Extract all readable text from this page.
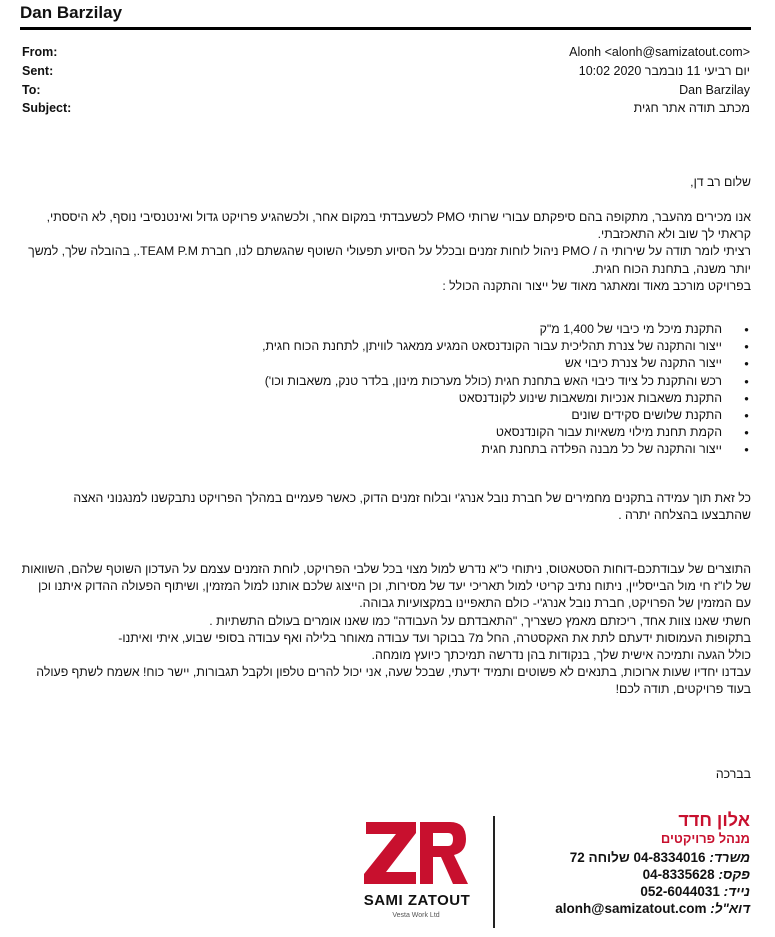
Dan Barzilay
From:	Alonh <alonh@samizatout.com>
Sent:	יום רביעי 11 נובמבר 2020 10:02
To:	Dan Barzilay
Subject:	מכתב תודה אתר חגית
שלום רב דן,

אנו מכירים מהעבר, מתקופה בהם סיפקתם עבורי שרותי PMO לכשעבדתי במקום אחר, ולכשהגיע פרויקט גדול ואינטנסיבי נוסף, לא היססתי, קראתי לך שוב ולא התאכזבתי.

רציתי לומר תודה על שירותי ה / PMO ניהול לוחות זמנים ובכלל על הסיוע תפעולי השוטף שהגשתם לנו, חברת TEAM P.M., בהובלה שלך, למשך יותר משנה, בתחנת הכוח חגית.

בפרויקט מורכב מאוד ומאתגר מאוד של ייצור והתקנה הכולל :

● התקנת מיכל מי כיבוי של 1,400 מ"ק
● ייצור והתקנה של צנרת תהליכית עבור הקונדנסאט המגיע ממאגר לוויתן, לתחנת הכוח חגית,
● ייצור התקנה של צנרת כיבוי אש
● רכש והתקנת כל ציוד כיבוי האש בתחנת חגית (כולל מערכות מינון, בלדר טנק, משאבות וכו')
● התקנת משאבות אנכיות ומשאבות שינוע לקונדנסאט
● התקנת שלושים סקידים שונים
● הקמת תחנת מילוי משאיות עבור הקונדנסאט
● ייצור והתקנה של כל מבנה הפלדה בתחנת חגית

כל זאת תוך עמידה בתקנים מחמירים של חברת נובל אנרג'י ובלוח זמנים הדוק, כאשר פעמיים במהלך הפרויקט נתבקשנו למנגנוני האצה

שהתבצעו בהצלחה יתרה .

התוצרים של עבודתכם-דוחות הסטאטוס, ניתוחי כ"א נדרש למול מצוי בכל שלבי הפרויקט, לוחת הזמנים עצמם על העדכון השוטף שלהם, השוואות של לו"ז חי מול הבייסליין, ניתוח נתיב קריטי למול תאריכי יעד של מסירות, וכן הייצוג שלכם אותנו למול המזמין, ושיתוף הפעולה ההדוק איתנו וכן עם המזמין של הפרויקט, חברת נובל אנרג'י- כולם התאפיינו במקצועיות גבוהה.

חשתי שאנו צוות אחד, ריכזתם מאמץ כשצריך, "התאבדתם על העבודה" כמו שאנו אומרים בעולם התשתיות .

בתקופות העמוסות ידעתם לתת את האקסטרה, החל מ7 בבוקר ועד עבודה מאוחר בלילה ואף עבודה בסופי שבוע, איתי ואיתנו-

כולל הגעה ותמיכה אישית שלך, בנקודות בהן נדרשה תמיכתך כיועץ מומחה.

עבדנו יחדיו שעות ארוכות, בתנאים לא פשוטים ותמיד ידעתי, שבכל שעה, אני יכול להרים טלפון ולקבל תגבורות, יישר כוח! אשמח לשתף פעולה בעוד פרויקטים, תודה לכם!

בברכה
SAMI ZATOUT
Vesta Work Ltd
אלון חדד
מנהל פרויקטים
משרד: 04-8334016 שלוחה 72
פקס: 04-8335628
נייד: 052-6044031
דוא"ל: alonh@samizatout.com
